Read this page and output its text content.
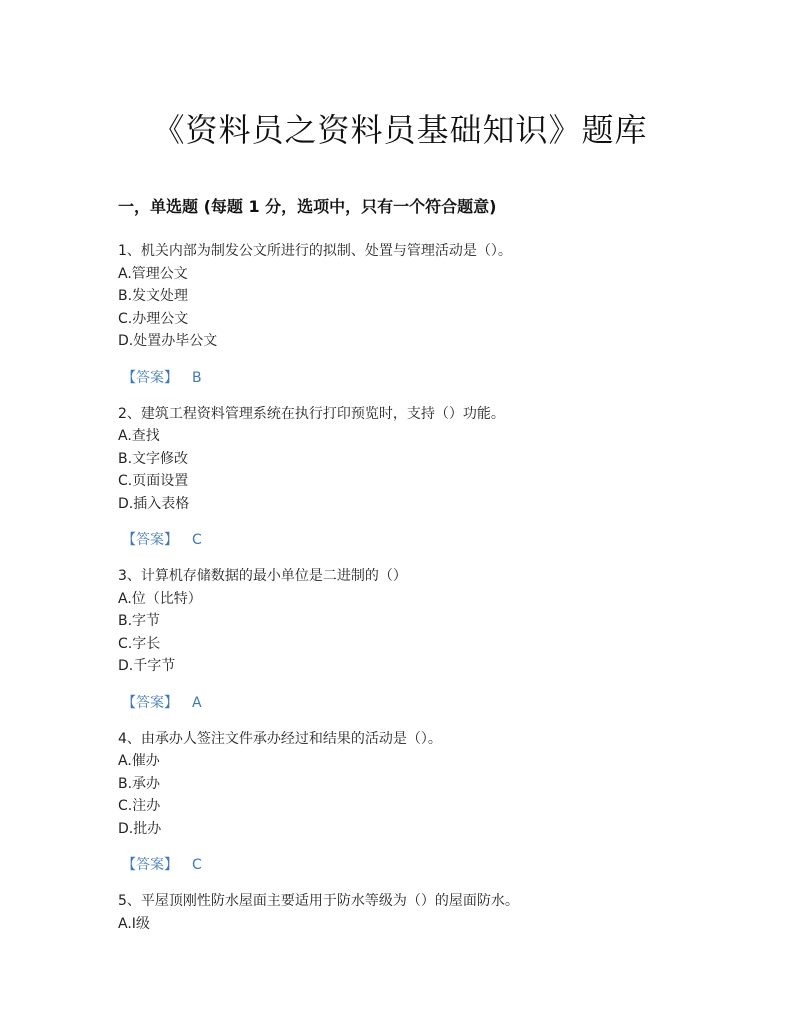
《资料员之资料员基础知识》题库
一，单选题 (每题 1 分，选项中，只有一个符合题意)
1、机关内部为制发公文所进行的拟制、处置与管理活动是（）。
A.管理公文
B.发文处理
C.办理公文
D.处置办毕公文
【答案】 B
2、建筑工程资料管理系统在执行打印预览时，支持（）功能。
A.查找
B.文字修改
C.页面设置
D.插入表格
【答案】 C
3、计算机存储数据的最小单位是二进制的（）
A.位（比特）
B.字节
C.字长
D.千字节
【答案】 A
4、由承办人签注文件承办经过和结果的活动是（）。
A.催办
B.承办
C.注办
D.批办
【答案】 C
5、平屋顶刚性防水屋面主要适用于防水等级为（）的屋面防水。
A.Ⅰ级
